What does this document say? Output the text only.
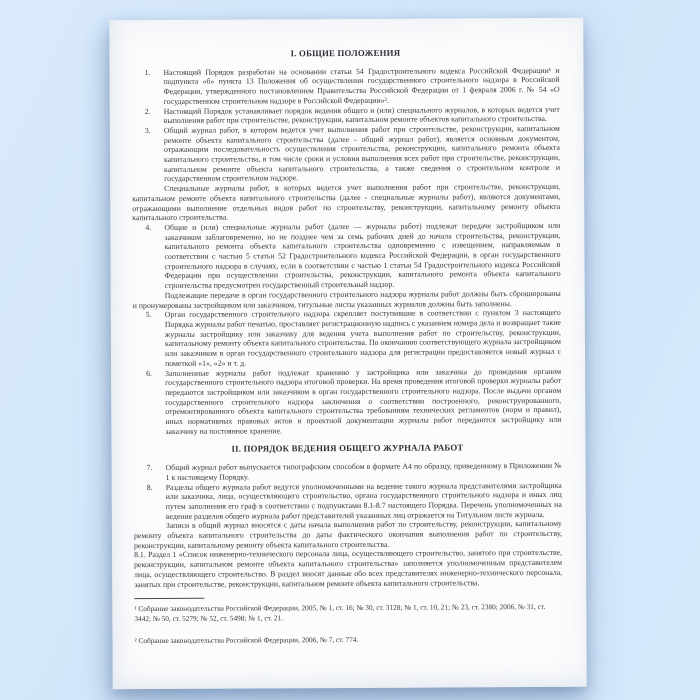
I. ОБЩИЕ ПОЛОЖЕНИЯ
1. Настоящий Порядок разработан на основании статьи 54 Градостроительного кодекса Российской Федерации¹ и подпункта «б» пункта 13 Положения об осуществлении государственного строительного надзора в Российской Федерации, утвержденного постановлением Правительства Российской Федерации от 1 февраля 2006 г. № 54 «О государственном строительном надзоре в Российской Федерации»².
2. Настоящий Порядок устанавливает порядок ведения общего и (или) специального журналов, в которых ведется учет выполнения работ при строительстве, реконструкции, капитальном ремонте объектов капитального строительства.
3. Общий журнал работ, в котором ведется учет выполнения работ при строительстве, реконструкции, капитальном ремонте объекта капитального строительства (далее - общий журнал работ), является основным документом, отражающим последовательность осуществления строительства, реконструкции, капитального ремонта объекта капитального строительства, в том числе сроки и условия выполнения всех работ при строительстве, реконструкции, капитальном ремонте объекта капитального строительства, а также сведения о строительном контроле и государственном строительном надзоре.
Специальные журналы работ, в которых ведется учет выполнения работ при строительстве, реконструкции, капитальном ремонте объекта капитального строительства (далее - специальные журналы работ), являются документами, отражающими выполнение отдельных видов работ по строительству, реконструкции, капитальному ремонту объекта капитального строительства.
4. Общие и (или) специальные журналы работ (далее — журналы работ) подлежат передаче застройщиком или заказчиком заблаговременно, но не позднее чем за семь рабочих дней до начала строительства, реконструкции, капитального ремонта объекта капитального строительства одновременно с извещением, направляемым в соответствии с частью 5 статьи 52 Градостроительного кодекса Российской Федерации, в орган государственного строительного надзора в случаях, если в соответствии с частью 1 статьи 54 Градостроительного кодекса Российской Федерации при осуществлении строительства, реконструкции, капитального ремонта объекта капитального строительства предусмотрен государственный строительный надзор.
Подлежащие передаче в орган государственного строительного надзора журналы работ должны быть сброшюрованы и пронумерованы застройщиком или заказчиком, титульные листы указанных журналов должны быть заполнены.
5. Орган государственного строительного надзора скрепляет поступившие в соответствии с пунктом 3 настоящего Порядка журналы работ печатью, проставляет регистрационную надпись с указанием номера дела и возвращает такие журналы застройщику или заказчику для ведения учета выполнения работ по строительству, реконструкции, капитальному ремонту объекта капитального строительства. По окончанию соответствующего журнала застройщиком или заказчиком в орган государственного строительного надзора для регистрации предоставляется новый журнал с пометкой «1», «2» и т. д.
6. Заполненные журналы работ подлежат хранению у застройщика или заказчика до проведения органом государственного строительного надзора итоговой проверки. На время проведения итоговой проверки журналы работ передаются застройщиком или заказчиком в орган государственного строительного надзора. После выдачи органом государственного строительного надзора заключения о соответствии построенного, реконструированного, отремонтированного объекта капитального строительства требованиям технических регламентов (норм и правил), иных нормативных правовых актов и проектной документации журналы работ передаются застройщику или заказчику на постоянное хранение.
II. ПОРЯДОК ВЕДЕНИЯ ОБЩЕГО ЖУРНАЛА РАБОТ
7. Общий журнал работ выпускается типографским способом в формате А4 по образцу, приведенному в Приложении № 1 к настоящему Порядку.
8. Разделы общего журнала работ ведутся уполномоченными на ведение такого журнала представителями застройщика или заказчика, лица, осуществляющего строительство, органа государственного строительного надзора и иных лиц путем заполнения его граф в соответствии с подпунктами 8.1-8.7 настоящего Порядка. Перечень уполномоченных на ведение разделов общего журнала работ представителей указанных лиц отражается на Титульном листе журнала.
Записи в общий журнал вносятся с даты начала выполнения работ по строительству, реконструкции, капитальному ремонту объекта капитального строительства до даты фактического окончания выполнения работ по строительству, реконструкции, капитальному ремонту объекта капитального строительства.
8.1. Раздел 1 «Список инженерно-технического персонала лица, осуществляющего строительство, занятого при строительстве, реконструкции, капитальном ремонте объекта капитального строительства» заполняется уполномоченным представителем лица, осуществляющего строительство. В раздел вносят данные обо всех представителях инженерно-технического персонала, занятых при строительстве, реконструкции, капитальном ремонте объекта капитального строительства.

¹ Собрание законодательства Российской Федерации, 2005, № 1, ст. 16; № 30, ст. 3128; № 1, ст. 10, 21; № 23, ст. 2380; 2006, № 31, ст. 3442; № 50, ст. 5279; № 52, ст. 5498; № 1, ст. 21.

² Собрание законодательства Российской Федерации, 2006, № 7, ст. 774.
